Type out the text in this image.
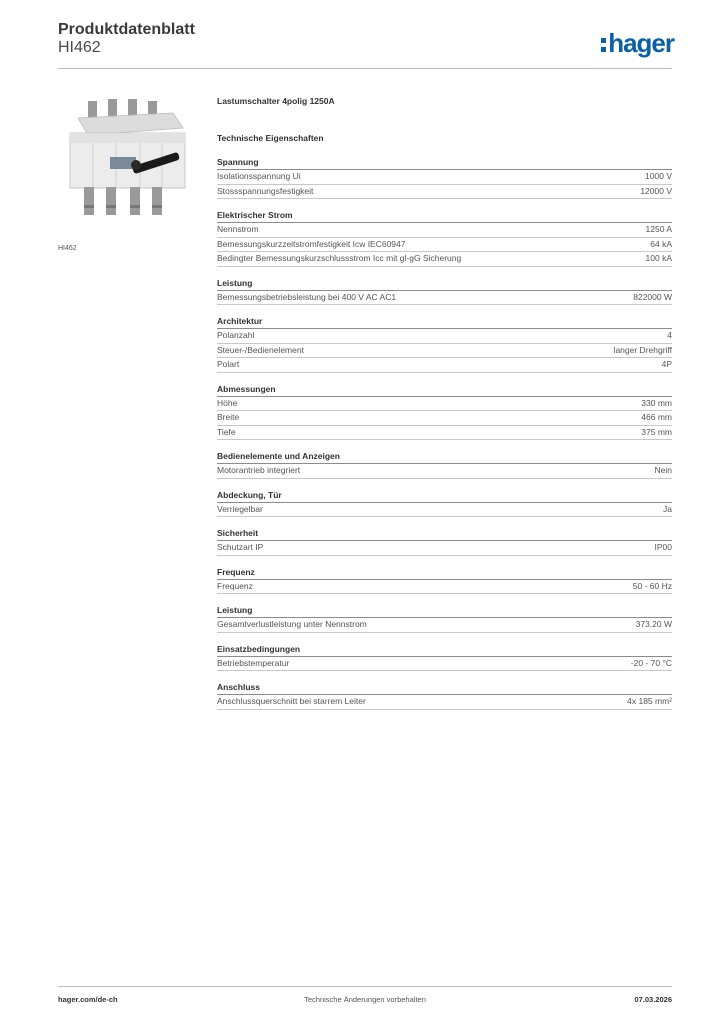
Produktdatenblatt
HI462	hager
HI462
Lastumschalter 4polig 1250A
Technische Eigenschaften
Spannung
Isolationsspannung Ui	1000 V
Stossspannungsfestigkeit	12000 V
Elektrischer Strom
Nennstrom	1250 A
Bemessungskurzzeitstromfestigkeit Icw IEC60947	64 kA
Bedingter Bemessungskurzschlussstrom Icc mit gl-gG Sicherung	100 kA
Leistung
Bemessungsbetriebsleistung bei 400 V AC AC1	822000 W
Architektur
Polanzahl	4
Steuer-/Bedienelement	langer Drehgriff
Polart	4P
Abmessungen
Höhe	330 mm
Breite	466 mm
Tiefe	375 mm
Bedienelemente und Anzeigen
Motorantrieb integriert	Nein
Abdeckung, Tür
Verriegelbar	Ja
Sicherheit
Schutzart IP	IP00
Frequenz
Frequenz	50 - 60 Hz
Leistung
Gesamtverlustleistung unter Nennstrom	373.20 W
Einsatzbedingungen
Betriebstemperatur	-20 - 70 °C
Anschluss
Anschlussquerschnitt bei starrem Leiter	4x 185 mm²
hager.com/de-ch	Technische Änderungen vorbehalten	07.03.2026
